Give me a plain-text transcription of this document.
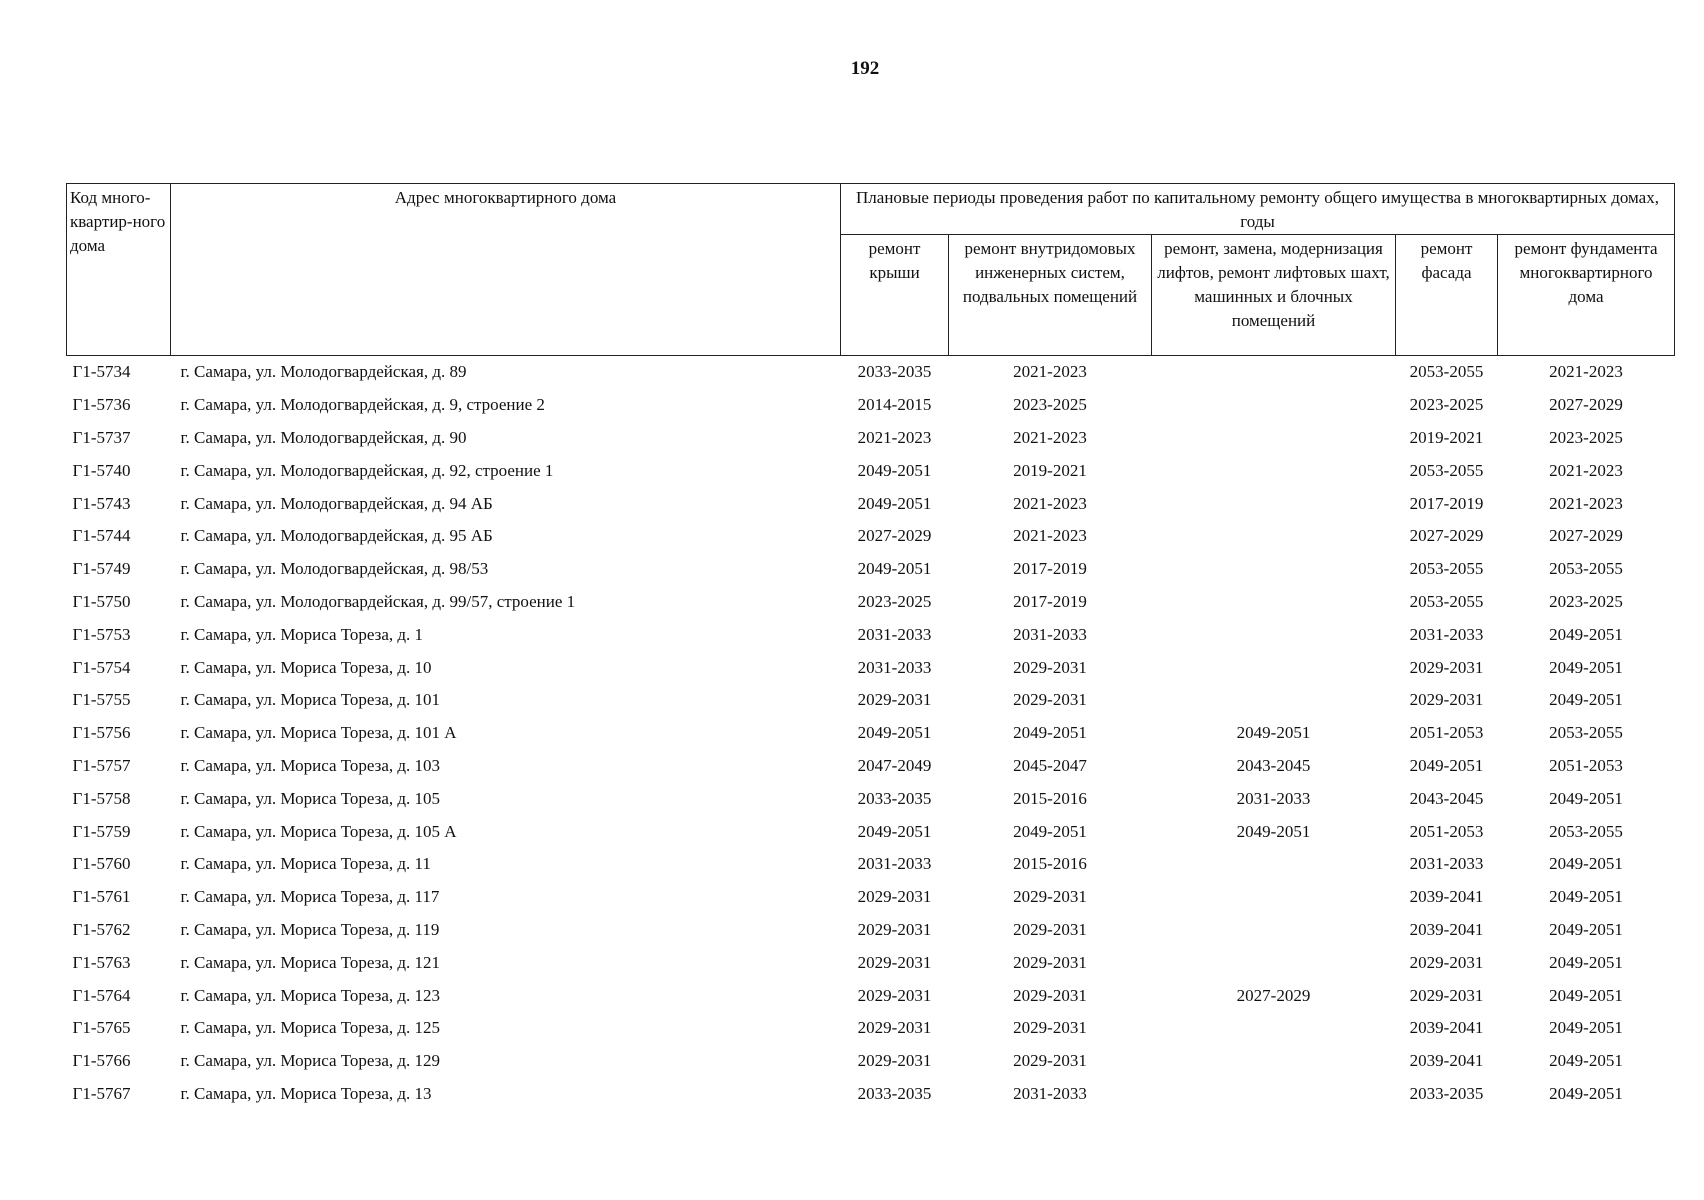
192
Код много-квартир-ного дома	Адрес многоквартирного дома	Плановые периоды проведения работ по капитальному ремонту общего имущества в многоквартирных домах, годы				
		ремонт крыши	ремонт внутридомовых инженерных систем, подвальных помещений	ремонт, замена, модернизация лифтов, ремонт лифтовых шахт, машинных и блочных помещений	ремонт фасада	ремонт фундамента многоквартирного дома
Г1-5734	г. Самара, ул. Молодогвардейская, д. 89	2033-2035	2021-2023		2053-2055	2021-2023
Г1-5736	г. Самара, ул. Молодогвардейская, д. 9, строение 2	2014-2015	2023-2025		2023-2025	2027-2029
Г1-5737	г. Самара, ул. Молодогвардейская, д. 90	2021-2023	2021-2023		2019-2021	2023-2025
Г1-5740	г. Самара, ул. Молодогвардейская, д. 92, строение 1	2049-2051	2019-2021		2053-2055	2021-2023
Г1-5743	г. Самара, ул. Молодогвардейская, д. 94 АБ	2049-2051	2021-2023		2017-2019	2021-2023
Г1-5744	г. Самара, ул. Молодогвардейская, д. 95 АБ	2027-2029	2021-2023		2027-2029	2027-2029
Г1-5749	г. Самара, ул. Молодогвардейская, д. 98/53	2049-2051	2017-2019		2053-2055	2053-2055
Г1-5750	г. Самара, ул. Молодогвардейская, д. 99/57, строение 1	2023-2025	2017-2019		2053-2055	2023-2025
Г1-5753	г. Самара, ул. Мориса Тореза, д. 1	2031-2033	2031-2033		2031-2033	2049-2051
Г1-5754	г. Самара, ул. Мориса Тореза, д. 10	2031-2033	2029-2031		2029-2031	2049-2051
Г1-5755	г. Самара, ул. Мориса Тореза, д. 101	2029-2031	2029-2031		2029-2031	2049-2051
Г1-5756	г. Самара, ул. Мориса Тореза, д. 101 А	2049-2051	2049-2051	2049-2051	2051-2053	2053-2055
Г1-5757	г. Самара, ул. Мориса Тореза, д. 103	2047-2049	2045-2047	2043-2045	2049-2051	2051-2053
Г1-5758	г. Самара, ул. Мориса Тореза, д. 105	2033-2035	2015-2016	2031-2033	2043-2045	2049-2051
Г1-5759	г. Самара, ул. Мориса Тореза, д. 105 А	2049-2051	2049-2051	2049-2051	2051-2053	2053-2055
Г1-5760	г. Самара, ул. Мориса Тореза, д. 11	2031-2033	2015-2016		2031-2033	2049-2051
Г1-5761	г. Самара, ул. Мориса Тореза, д. 117	2029-2031	2029-2031		2039-2041	2049-2051
Г1-5762	г. Самара, ул. Мориса Тореза, д. 119	2029-2031	2029-2031		2039-2041	2049-2051
Г1-5763	г. Самара, ул. Мориса Тореза, д. 121	2029-2031	2029-2031		2029-2031	2049-2051
Г1-5764	г. Самара, ул. Мориса Тореза, д. 123	2029-2031	2029-2031	2027-2029	2029-2031	2049-2051
Г1-5765	г. Самара, ул. Мориса Тореза, д. 125	2029-2031	2029-2031		2039-2041	2049-2051
Г1-5766	г. Самара, ул. Мориса Тореза, д. 129	2029-2031	2029-2031		2039-2041	2049-2051
Г1-5767	г. Самара, ул. Мориса Тореза, д. 13	2033-2035	2031-2033		2033-2035	2049-2051
